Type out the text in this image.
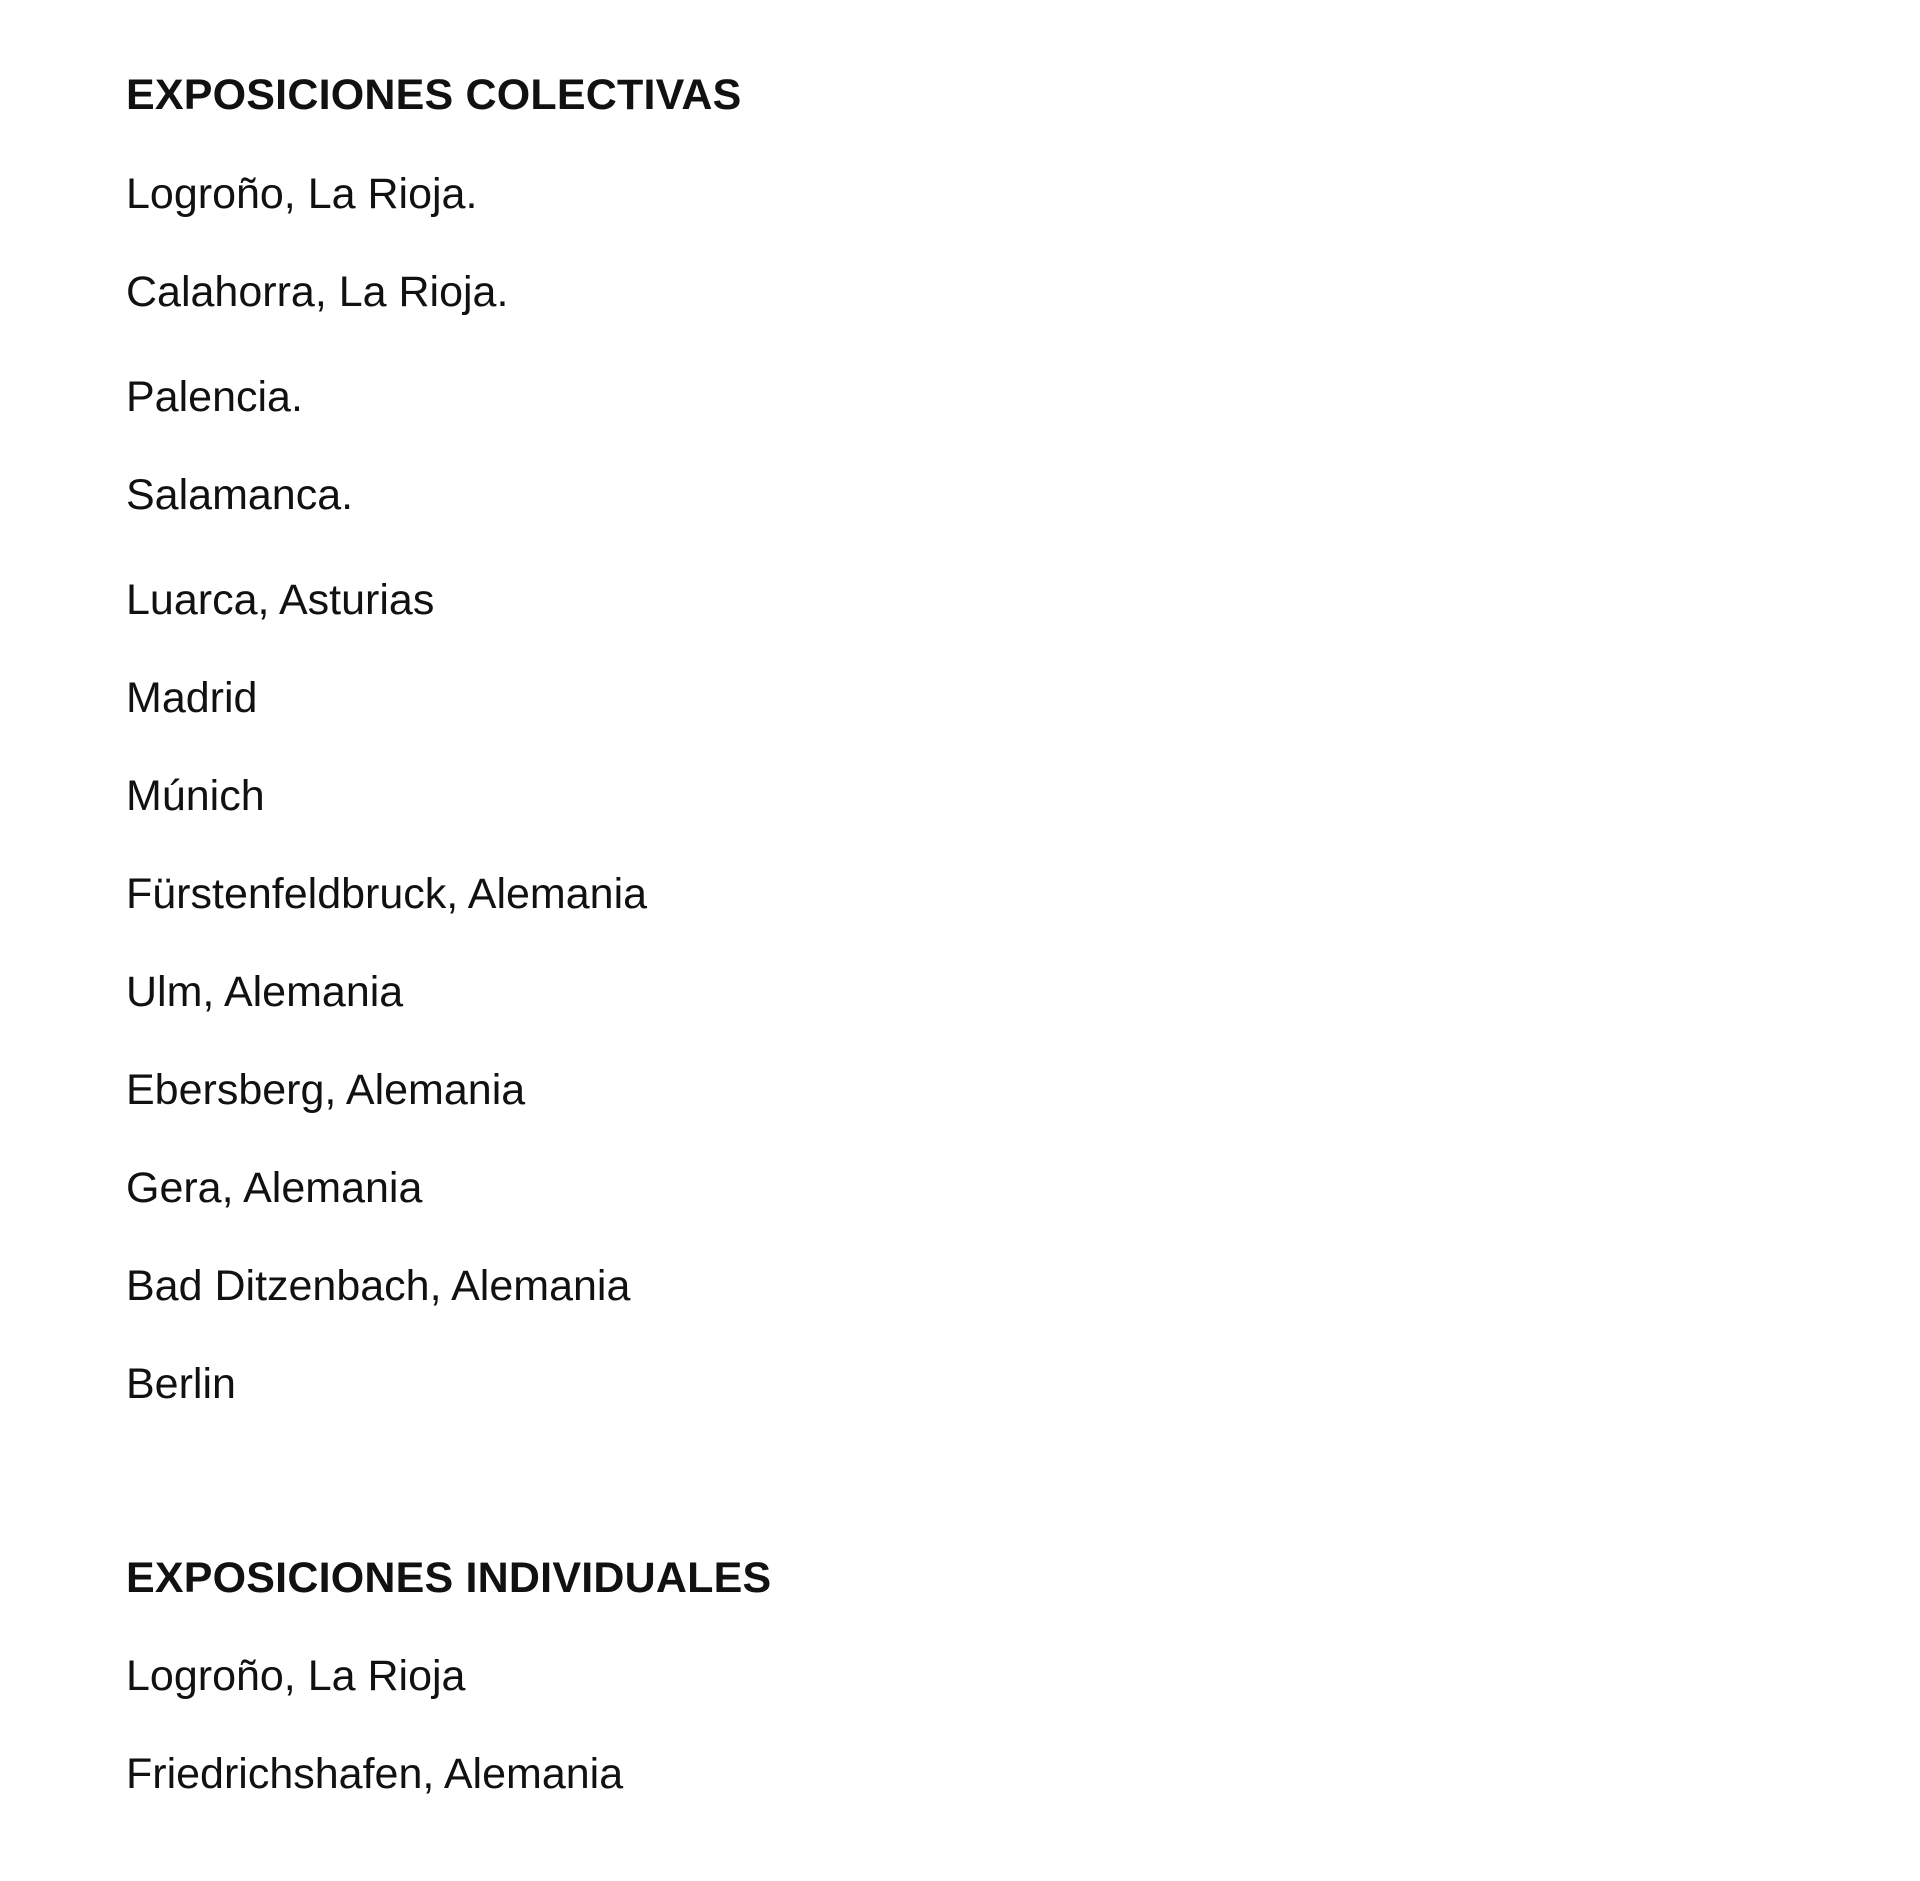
EXPOSICIONES COLECTIVAS

Logroño, La Rioja.

Calahorra, La Rioja.

Palencia.

Salamanca.

Luarca, Asturias

Madrid

Múnich

Fürstenfeldbruck, Alemania

Ulm, Alemania

Ebersberg, Alemania

Gera, Alemania

Bad Ditzenbach, Alemania

Berlin

EXPOSICIONES INDIVIDUALES

Logroño, La Rioja

Friedrichshafen, Alemania
